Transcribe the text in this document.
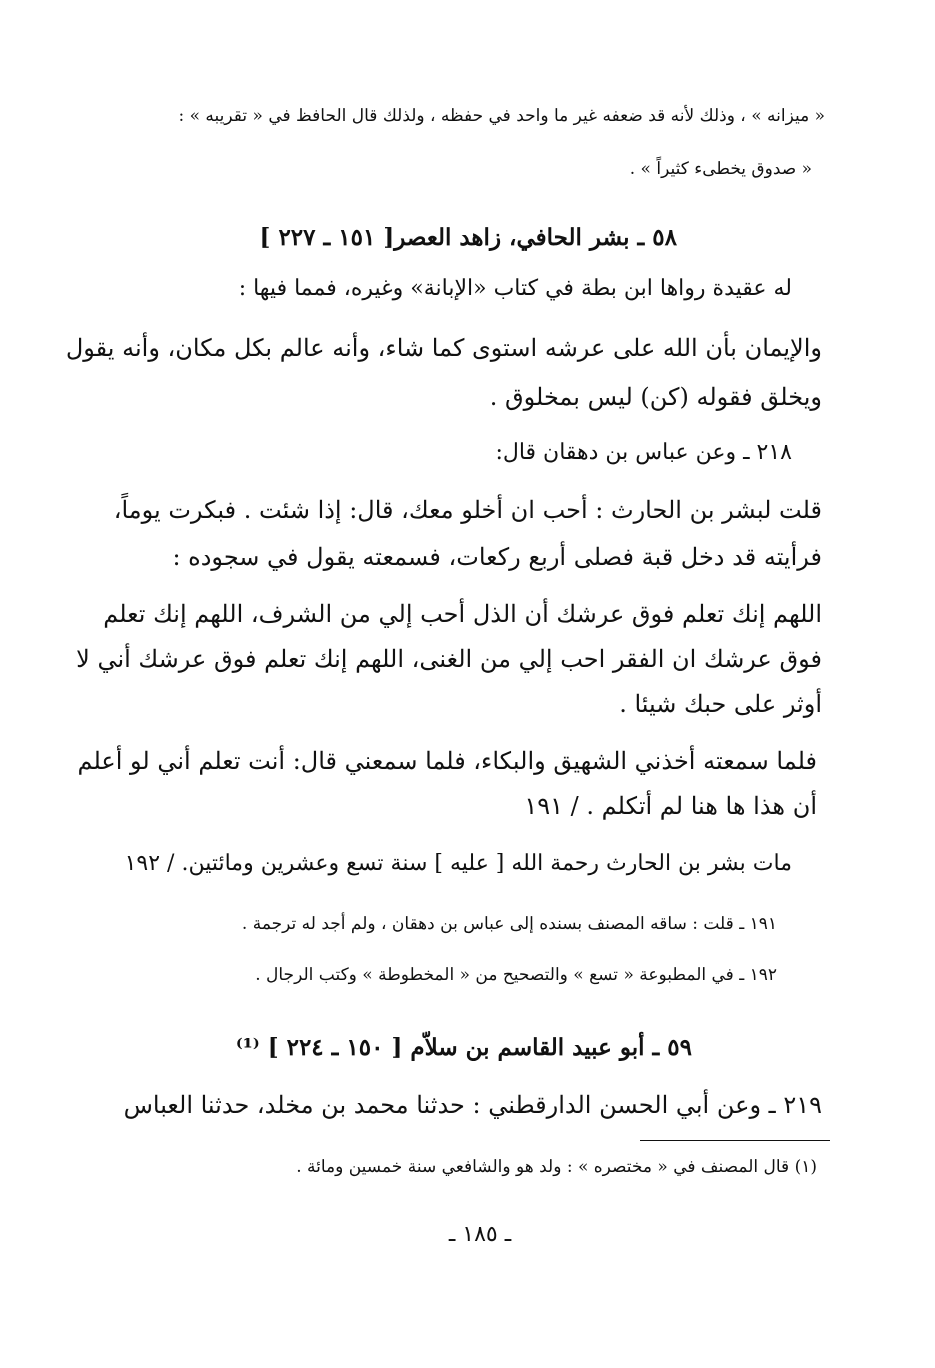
« ميزانه » ، وذلك لأنه قد ضعفه غير ما واحد في حفظه ، ولذلك قال الحافظ في « تقريبه » :
« صدوق يخطىء كثيراً » .
٥٨ ـ بشر الحافي، زاهد العصر[ ١٥١ ـ ٢٢٧ ]
له عقيدة رواها ابن بطة في كتاب «الإبانة» وغيره، فمما فيها :
والإيمان بأن الله على عرشه استوى كما شاء، وأنه عالم بكل مكان، وأنه يقول
ويخلق فقوله (كن) ليس بمخلوق .
٢١٨ ـ وعن عباس بن دهقان قال:
قلت لبشر بن الحارث : أحب ان أخلو معك، قال: إذا شئت . فبكرت يوماً،
فرأيته قد دخل قبة فصلى أربع ركعات، فسمعته يقول في سجوده :
اللهم إنك تعلم فوق عرشك أن الذل أحب إلي من الشرف، اللهم إنك تعلم
فوق عرشك ان الفقر احب إلي من الغنى، اللهم إنك تعلم فوق عرشك أني لا
أوثر على حبك شيئا .
فلما سمعته أخذني الشهيق والبكاء، فلما سمعني قال: أنت تعلم أني لو أعلم
أن هذا ها هنا لم أتكلم . / ١٩١
مات بشر بن الحارث رحمة الله [ عليه ] سنة تسع وعشرين ومائتين. / ١٩٢
١٩١ ـ قلت : ساقه المصنف بسنده إلى عباس بن دهقان ، ولم أجد له ترجمة .
١٩٢ ـ في المطبوعة « تسع » والتصحيح من « المخطوطة » وكتب الرجال .
٥٩ ـ أبو عبيد القاسم بن سلاّم [ ١٥٠ ـ ٢٢٤ ] ⁽¹⁾
٢١٩ ـ وعن أبي الحسن الدارقطني : حدثنا محمد بن مخلد، حدثنا العباس
(١) قال المصنف في « مختصره » : ولد هو والشافعي سنة خمسين ومائة .
ـ ١٨٥ ـ
